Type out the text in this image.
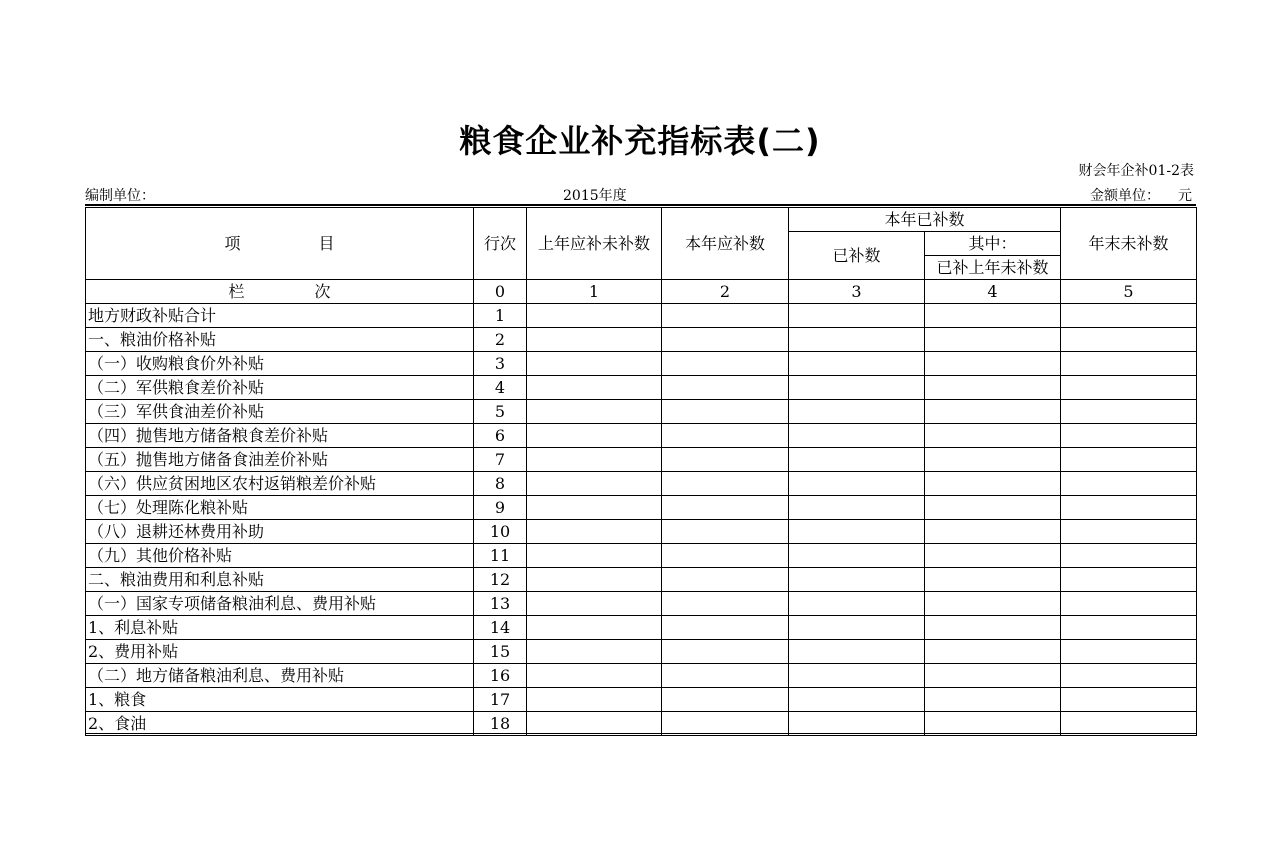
粮食企业补充指标表(二)
财会年企补01-2表
编制单位：	2015年度	金额单位： 元
项 目	行次	上年应补未补数	本年应补数	本年已补数		年末未补数
				已补数	其中：	
					已补上年未补数	
栏 次	0	1	2	3	4	5
地方财政补贴合计	1					
一、粮油价格补贴	2					
（一）收购粮食价外补贴	3					
（二）军供粮食差价补贴	4					
（三）军供食油差价补贴	5					
（四）抛售地方储备粮食差价补贴	6					
（五）抛售地方储备食油差价补贴	7					
（六）供应贫困地区农村返销粮差价补贴	8					
（七）处理陈化粮补贴	9					
（八）退耕还林费用补助	10					
（九）其他价格补贴	11					
二、粮油费用和利息补贴	12					
（一）国家专项储备粮油利息、费用补贴	13					
1、利息补贴	14					
2、费用补贴	15					
（二）地方储备粮油利息、费用补贴	16					
1、粮食	17					
2、食油	18					
